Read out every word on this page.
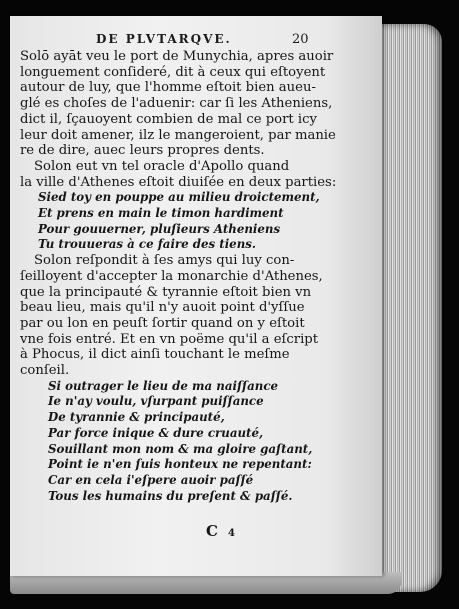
DE PLVTARQVE.	20

Solō ayāt veu le port de Munychia, apres auoir

longuement conſideré, dit à ceux qui eſtoyent

autour de luy, que l'homme eſtoit bien aueu-

glé es choſes de l'aduenir: car ſi les Atheniens,

dict il, ſçauoyent combien de mal ce port icy

leur doit amener, ilz le mangeroient, par manie

re de dire, auec leurs propres dents.

Solon eut vn tel oracle d'Apollo quand

la ville d'Athenes eſtoit diuiſée en deux parties:

Sied toy en pouppe au milieu droictement,

Et prens en main le timon hardiment

Pour gouuerner, pluſieurs Atheniens

Tu trouueras à ce faire des tiens.

Solon reſpondit à ſes amys qui luy con-

ſeilloyent d'accepter la monarchie d'Athenes,

que la principauté & tyrannie eſtoit bien vn

beau lieu, mais qu'il n'y auoit point d'yſſue

par ou lon en peuſt ſortir quand on y eſtoit

vne fois entré. Et en vn poëme qu'il a eſcript

à Phocus, il dict ainſi touchant le meſme

conſeil.

Si outrager le lieu de ma naiſſance

Ie n'ay voulu, vſurpant puiſſance

De tyrannie & principauté,

Par force inique & dure cruauté,

Souillant mon nom & ma gloire gaſtant,

Point ie n'en ſuis honteux ne repentant:

Car en cela i'eſpere auoir paſſé

Tous les humains du preſent & paſſé.

C 4
